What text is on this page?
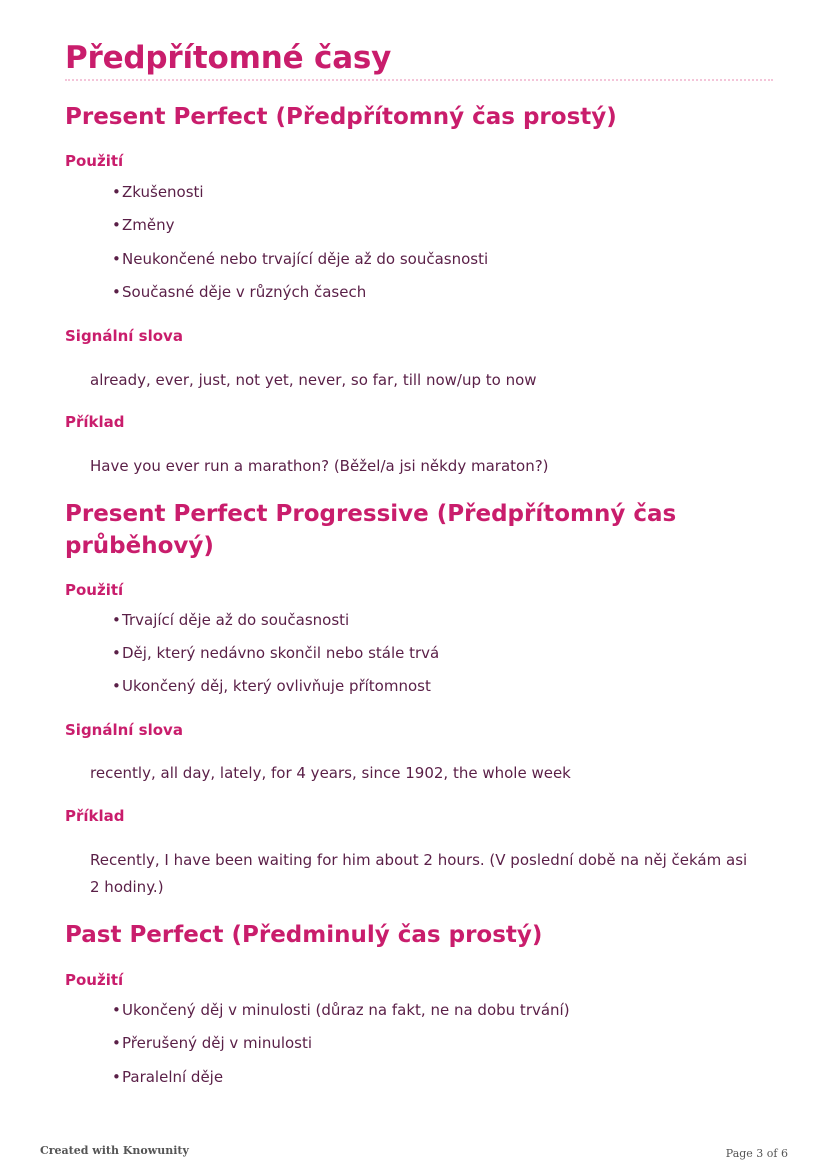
Předpřítomné časy
Present Perfect (Předpřítomný čas prostý)
Použití
•Zkušenosti
•Změny
•Neukončené nebo trvající děje až do současnosti
•Současné děje v různých časech
Signální slova
already, ever, just, not yet, never, so far, till now/up to now
Příklad
Have you ever run a marathon? (Běžel/a jsi někdy maraton?)
Present Perfect Progressive (Předpřítomný čas
průběhový)
Použití
•Trvající děje až do současnosti
•Děj, který nedávno skončil nebo stále trvá
•Ukončený děj, který ovlivňuje přítomnost
Signální slova
recently, all day, lately, for 4 years, since 1902, the whole week
Příklad
Recently, I have been waiting for him about 2 hours. (V poslední době na něj čekám asi
2 hodiny.)
Past Perfect (Předminulý čas prostý)
Použití
•Ukončený děj v minulosti (důraz na fakt, ne na dobu trvání)
•Přerušený děj v minulosti
•Paralelní děje
Created with Knowunity	Page 3 of 6
